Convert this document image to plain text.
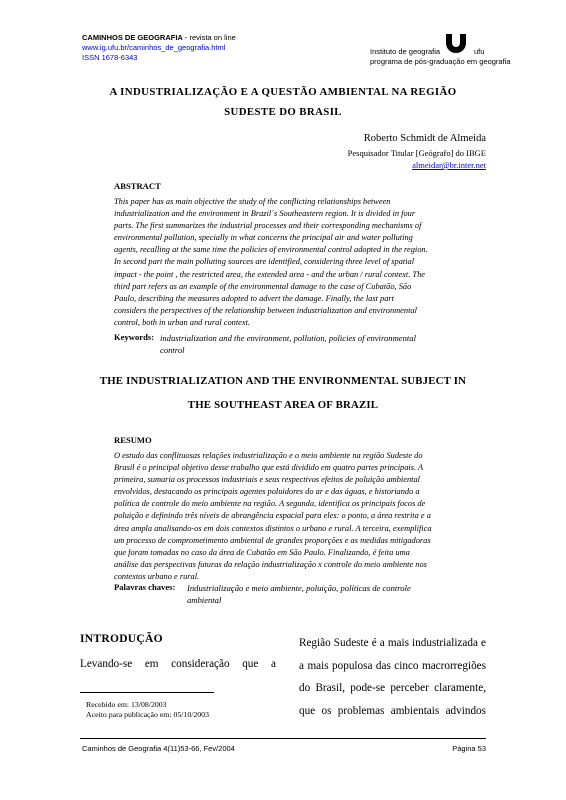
CAMINHOS DE GEOGRAFIA - revista on line
www.ig.ufu.br/caminhos_de_geografia.html
ISSN 1678-6343
Instituto de geografia	ufu
programa de pós-graduação em geografia
A INDUSTRIALIZAÇÃO E A QUESTÃO AMBIENTAL NA REGIÃO
SUDESTE DO BRASIL
Roberto Schmidt de Almeida
Pesquisador Titular [Geógrafo] do IBGE
almeidar@br.inter.net
ABSTRACT
This paper has as main objective the study of the conflicting relationships between
industrialization and the environment in Brazil´s Southeastern region. It is divided in four
parts. The first summarizes the industrial processes and their corresponding mechanisms of
environmental pollution, specially in what concerns the principal air and water polluting
agents, recalling at the same time the policies of environmental control adopted in the region.
In second part the main polluting sources are identified, considering three level of spatial
impact - the point , the restricted area, the extended area - and the urban / rural context. The
third part refers as an example of the environmental damage to the case of Cubatão, São
Paulo, describing the measures adopted to advert the damage. Finally, the last part
considers the perspectives of the relationship between industrialization and environmental
control, both in urban and rural context.
Keywords: industrialization and the environment, pollution, policies of environmental
control
THE INDUSTRIALIZATION AND THE ENVIRONMENTAL SUBJECT IN
THE SOUTHEAST AREA OF BRAZIL
RESUMO
O estudo das conflituosas relações industrialização e o meio ambiente na região Sudeste do
Brasil é o principal objetivo desse trabalho que está dividido em quatro partes principais. A
primeira, sumaria os processos industriais e seus respectivos efeitos de poluição ambiental
envolvidos, destacando os principais agentes poluidores do ar e das águas, e historiando a
política de controle do meio ambiente na região. A segunda, identifica os principais focos de
poluição e definindo três níveis de abrangência espacial para eles: o ponto, a área restrita e a
área ampla analisando-os em dois contextos distintos o urbano e rural. A terceira, exemplifica
um processo de comprometimento ambiental de grandes proporções e as medidas mitigadoras
que foram tomadas no caso da área de Cubatão em São Paulo. Finalizando, é feita uma
análise das perspectivas futuras da relação industrialização x controle do meio ambiente nos
contextos urbano e rural.
Palavras chaves: Industrialização e meio ambiente, poluição, políticas de controle
ambiental
INTRODUÇÃO
Levando-se em consideração que a
Região Sudeste é a mais industrializada e
a mais populosa das cinco macrorregiões
do Brasil, pode-se perceber claramente,
que os problemas ambientais advindos
Recebido em: 13/08/2003
Aceito para publicação em: 05/10/2003
Caminhos de Geografia 4(11)53-66, Fev/2004	Página 53
